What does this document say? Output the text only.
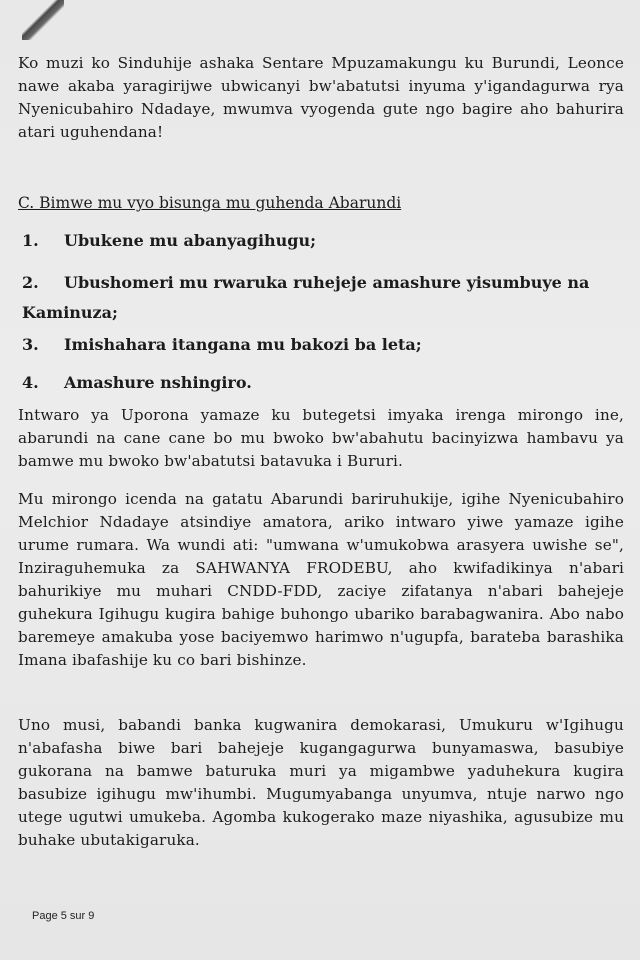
Ko muzi ko Sinduhije ashaka Sentare Mpuzamakungu ku Burundi, Leonce nawe akaba yaragirijwe ubwicanyi bw'abatutsi inyuma y'igandagurwa rya Nyenicubahiro Ndadaye, mwumva vyogenda gute ngo bagire aho bahurira atari uguhendana!

C. Bimwe mu vyo bisunga mu guhenda Abarundi

1. Ubukene mu abanyagihugu;
2. Ubushomeri mu rwaruka ruhejeje amashure yisumbuye na Kaminuza;
3. Imishahara itangana mu bakozi ba leta;
4. Amashure nshingiro.

Intwaro ya Uporona yamaze ku butegetsi imyaka irenga mirongo ine, abarundi na cane cane bo mu bwoko bw'abahutu bacinyizwa hambavu ya bamwe mu bwoko bw'abatutsi batavuka i Bururi.

Mu mirongo icenda na gatatu Abarundi bariruhukije, igihe Nyenicubahiro Melchior Ndadaye atsindiye amatora, ariko intwaro yiwe yamaze igihe urume rumara. Wa wundi ati: "umwana w'umukobwa arasyera uwishe se", Inziraguhemuka za SAHWANYA FRODEBU, aho kwifadikinya n'abari bahurikiye mu muhari CNDD-FDD, zaciye zifatanya n'abari bahejeje guhekura Igihugu kugira bahige buhongo ubariko barabagwanira. Abo nabo baremeye amakuba yose baciyemwo harimwo n'ugupfa, barateba barashika Imana ibafashije ku co bari bishinze.

Uno musi, babandi banka kugwanira demokarasi, Umukuru w'Igihugu n'abafasha biwe bari bahejeje kugangagurwa bunyamaswa, basubiye gukorana na bamwe baturuka muri ya migambwe yaduhekura kugira basubize igihugu mw'ihumbi. Mugumyabanga unyumva, ntuje narwo ngo utege ugutwi umukeba. Agomba kukogerako maze niyashika, agusubize mu buhake ubutakigaruka.

Page 5 sur 9
